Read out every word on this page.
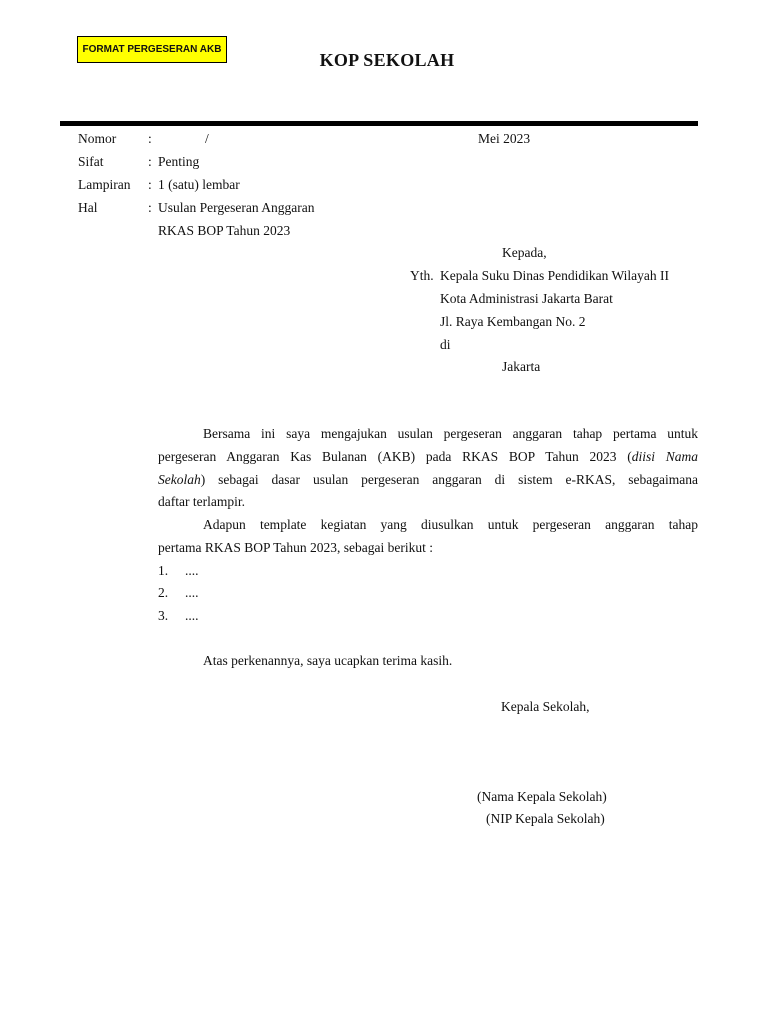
FORMAT PERGESERAN AKB
KOP SEKOLAH
Nomor :	/	Mei 2023
Sifat	: Penting
Lampiran : 1 (satu) lembar
Hal	: Usulan Pergeseran Anggaran
RKAS BOP Tahun 2023
Kepada,
Yth. Kepala Suku Dinas Pendidikan Wilayah II
Kota Administrasi Jakarta Barat
Jl. Raya Kembangan No. 2
di
Jakarta
Bersama ini saya mengajukan usulan pergeseran anggaran tahap pertama untuk
pergeseran Anggaran Kas Bulanan (AKB) pada RKAS BOP Tahun 2023 (diisi Nama
Sekolah) sebagai dasar usulan pergeseran anggaran di sistem e-RKAS, sebagaimana
daftar terlampir.
Adapun template kegiatan yang diusulkan untuk pergeseran anggaran tahap
pertama RKAS BOP Tahun 2023, sebagai berikut :
1. ....
2. ....
3. ....
Atas perkenannya, saya ucapkan terima kasih.
Kepala Sekolah,
(Nama Kepala Sekolah)
(NIP Kepala Sekolah)
